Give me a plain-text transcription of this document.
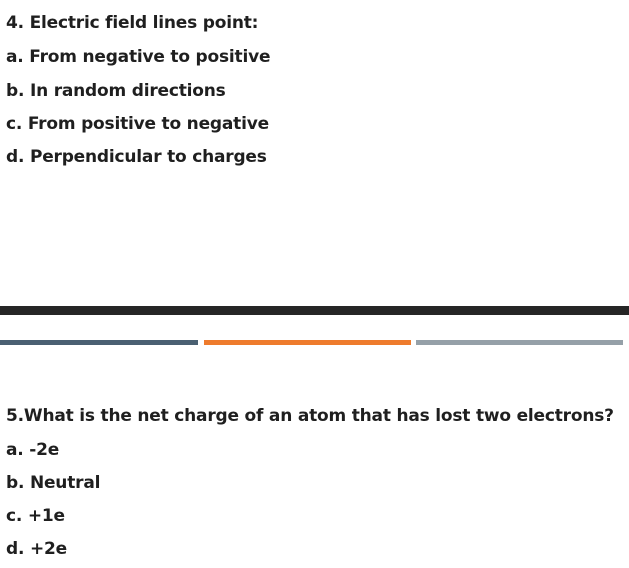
4. Electric field lines point:
a. From negative to positive
b. In random directions
c. From positive to negative
d. Perpendicular to charges
5.What is the net charge of an atom that has lost two electrons?
a. -2e
b. Neutral
c. +1e
d. +2e
